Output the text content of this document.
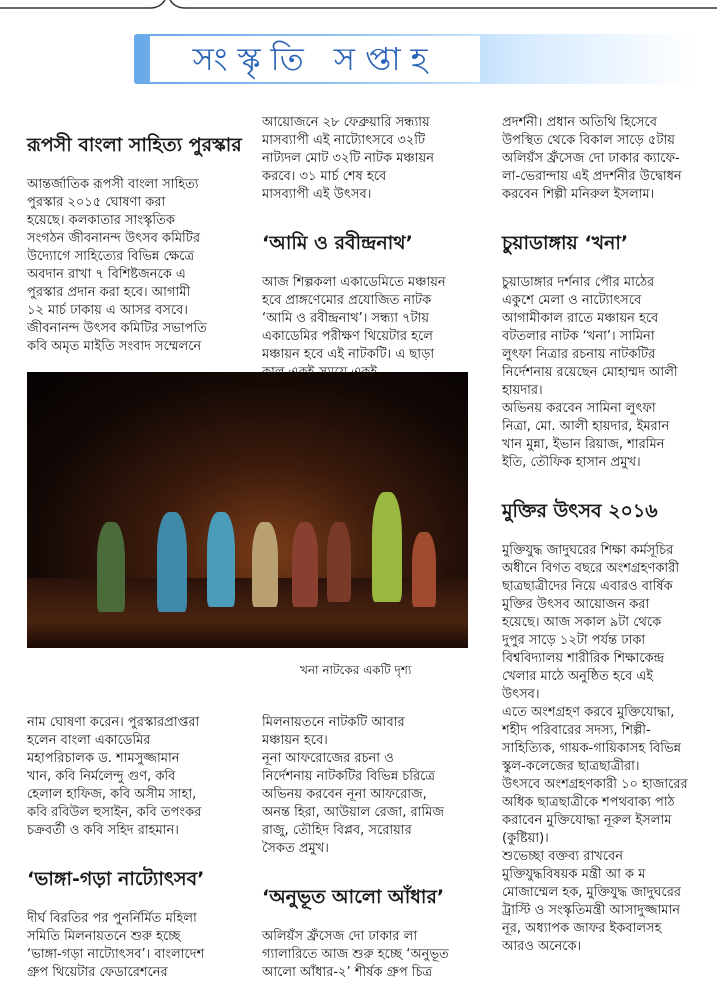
সংস্কৃতি সপ্তাহ

রূপসী বাংলা সাহিত্য পুরস্কার

আন্তর্জাতিক রূপসী বাংলা সাহিত্য
পুরস্কার ২০১৫ ঘোষণা করা
হয়েছে। কলকাতার সাংস্কৃতিক
সংগঠন জীবনানন্দ উৎসব কমিটির
উদ্যোগে সাহিত্যের বিভিন্ন ক্ষেত্রে
অবদান রাখা ৭ বিশিষ্টজনকে এ
পুরস্কার প্রদান করা হবে। আগামী
১২ মার্চ ঢাকায় এ আসর বসবে।
জীবনানন্দ উৎসব কমিটির সভাপতি
কবি অমৃত মাইতি সংবাদ সম্মেলনে

আয়োজনে ২৮ ফেব্রুয়ারি সন্ধ্যায়
মাসব্যাপী এই নাট্যোৎসবে ৩২টি
নাট্যদল মোট ৩২টি নাটক মঞ্চায়ন
করবে। ৩১ মার্চ শেষ হবে
মাসব্যাপী এই উৎসব।

‘আমি ও রবীন্দ্রনাথ’

আজ শিল্পকলা একাডেমিতে মঞ্চায়ন
হবে প্রাঙ্গণেমোর প্রযোজিত নাটক
‘আমি ও রবীন্দ্রনাথ’। সন্ধ্যা ৭টায়
একাডেমির পরীক্ষণ থিয়েটার হলে
মঞ্চায়ন হবে এই নাটকটি। এ ছাড়া

প্রদর্শনী। প্রধান অতিথি হিসেবে
উপস্থিত থেকে বিকাল সাড়ে ৫টায়
অলিয়ঁস ফ্রঁসেজ দো ঢাকার ক্যাফে-
লা-ভেরান্দায় এই প্রদর্শনীর উদ্বোধন
করবেন শিল্পী মনিরুল ইসলাম।

চুয়াডাঙ্গায় ‘খনা’

চুয়াডাঙ্গার দর্শনার পৌর মাঠের
একুশে মেলা ও নাট্যোৎসবে
আগামীকাল রাতে মঞ্চায়ন হবে
বটতলার নাটক ‘খনা’। সামিনা
লুৎফা নিত্রার রচনায় নাটকটির
নির্দেশনায় রয়েছেন মোহাম্মদ আলী
হায়দার।
অভিনয় করবেন সামিনা লুৎফা
নিত্রা, মো. আলী হায়দার, ইমরান
খান মুন্না, ইভান রিয়াজ, শারমিন
ইতি, তৌফিক হাসান প্রমুখ।

মুক্তির উৎসব ২০১৬

মুক্তিযুদ্ধ জাদুঘরের শিক্ষা কর্মসূচির
অধীনে বিগত বছরে অংশগ্রহণকারী
ছাত্রছাত্রীদের নিয়ে এবারও বার্ষিক
মুক্তির উৎসব আয়োজন করা
হয়েছে। আজ সকাল ৯টা থেকে
দুপুর সাড়ে ১২টা পর্যন্ত ঢাকা
বিশ্ববিদ্যালয় শারীরিক শিক্ষাকেন্দ্র
খেলার মাঠে অনুষ্ঠিত হবে এই
উৎসব।
এতে অংশগ্রহণ করবে মুক্তিযোদ্ধা,
শহীদ পরিবারের সদস্য, শিল্পী-
সাহিত্যিক, গায়ক-গায়িকাসহ বিভিন্ন
স্কুল-কলেজের ছাত্রছাত্রীরা।
উৎসবে অংশগ্রহণকারী ১০ হাজারের
অধিক ছাত্রছাত্রীকে শপথবাক্য পাঠ
করাবেন মুক্তিযোদ্ধা নূরুল ইসলাম
(কুষ্টিয়া)।
শুভেচ্ছা বক্তব্য রাখবেন
মুক্তিযুদ্ধবিষয়ক মন্ত্রী আ ক ম
মোজাম্মেল হক, মুক্তিযুদ্ধ জাদুঘরের
ট্রাস্টি ও সংস্কৃতিমন্ত্রী আসাদুজ্জামান
নূর, অধ্যাপক জাফর ইকবালসহ
আরও অনেকে।

খনা নাটকের একটি দৃশ্য

নাম ঘোষণা করেন। পুরস্কারপ্রাপ্তরা
হলেন বাংলা একাডেমির
মহাপরিচালক ড. শামসুজ্জামান
খান, কবি নির্মলেন্দু গুণ, কবি
হেলাল হাফিজ, কবি অসীম সাহা,
কবি রবিউল হুসাইন, কবি তপংকর
চক্রবর্তী ও কবি সহিদ রাহমান।

‘ভাঙ্গা-গড়া নাট্যোৎসব’

দীর্ঘ বিরতির পর পুনর্নির্মিত মহিলা
সমিতি মিলনায়তনে শুরু হচ্ছে
‘ভাঙ্গা-গড়া নাট্যোৎসব’। বাংলাদেশ
গ্রুপ থিয়েটার ফেডারেশনের

মিলনায়তনে নাটকটি আবার
মঞ্চায়ন হবে।
নূনা আফরোজের রচনা ও
নির্দেশনায় নাটকটির বিভিন্ন চরিত্রে
অভিনয় করবেন নূনা আফরোজ,
অনন্ত হিরা, আউয়াল রেজা, রামিজ
রাজু, তৌহিদ বিপ্লব, সরোয়ার
সৈকত প্রমুখ।

‘অনুভূত আলো আঁধার’

অলিয়ঁস ফ্রঁসেজ দো ঢাকার লা
গ্যালারিতে আজ শুরু হচ্ছে ‘অনুভূত
আলো আঁধার-২’ শীর্ষক গ্রুপ চিত্র
